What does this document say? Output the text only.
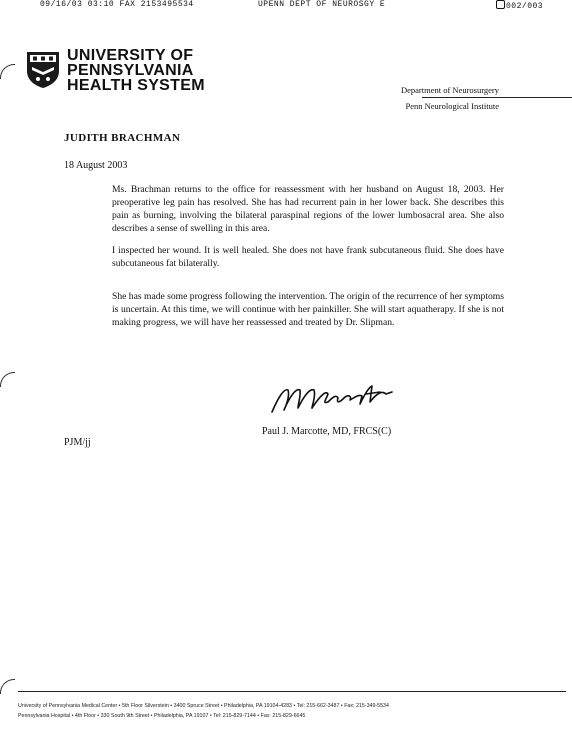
09/16/03 03:10 FAX 2153495534	UPENN DEPT OF NEUROSGY E	002/003
UNIVERSITY OF
PENNSYLVANIA
HEALTH SYSTEM	Department of Neurosurgery
Penn Neurological Institute
JUDITH BRACHMAN
18 August 2003
Ms. Brachman returns to the office for reassessment with her husband on August 18, 2003. Her preoperative leg pain has resolved. She has had recurrent pain in her lower back. She describes this pain as burning, involving the bilateral paraspinal regions of the lower lumbosacral area. She also describes a sense of swelling in this area.
I inspected her wound. It is well healed. She does not have frank subcutaneous fluid. She does have subcutaneous fat bilaterally.
She has made some progress following the intervention. The origin of the recurrence of her symptoms is uncertain. At this time, we will continue with her painkiller. She will start aquatherapy. If she is not making progress, we will have her reassessed and treated by Dr. Slipman.
Paul J. Marcotte, MD, FRCS(C)
PJM/jj
University of Pennsylvania Medical Center • 5th Floor Silverstein • 3400 Spruce Street • Philadelphia, PA 19104-4283 • Tel: 215-662-3487 • Fax: 215-349-5534
Pennsylvania Hospital • 4th Floor • 330 South 9th Street • Philadelphia, PA 19107 • Tel: 215-829-7144 • Fax: 215-829-6645
